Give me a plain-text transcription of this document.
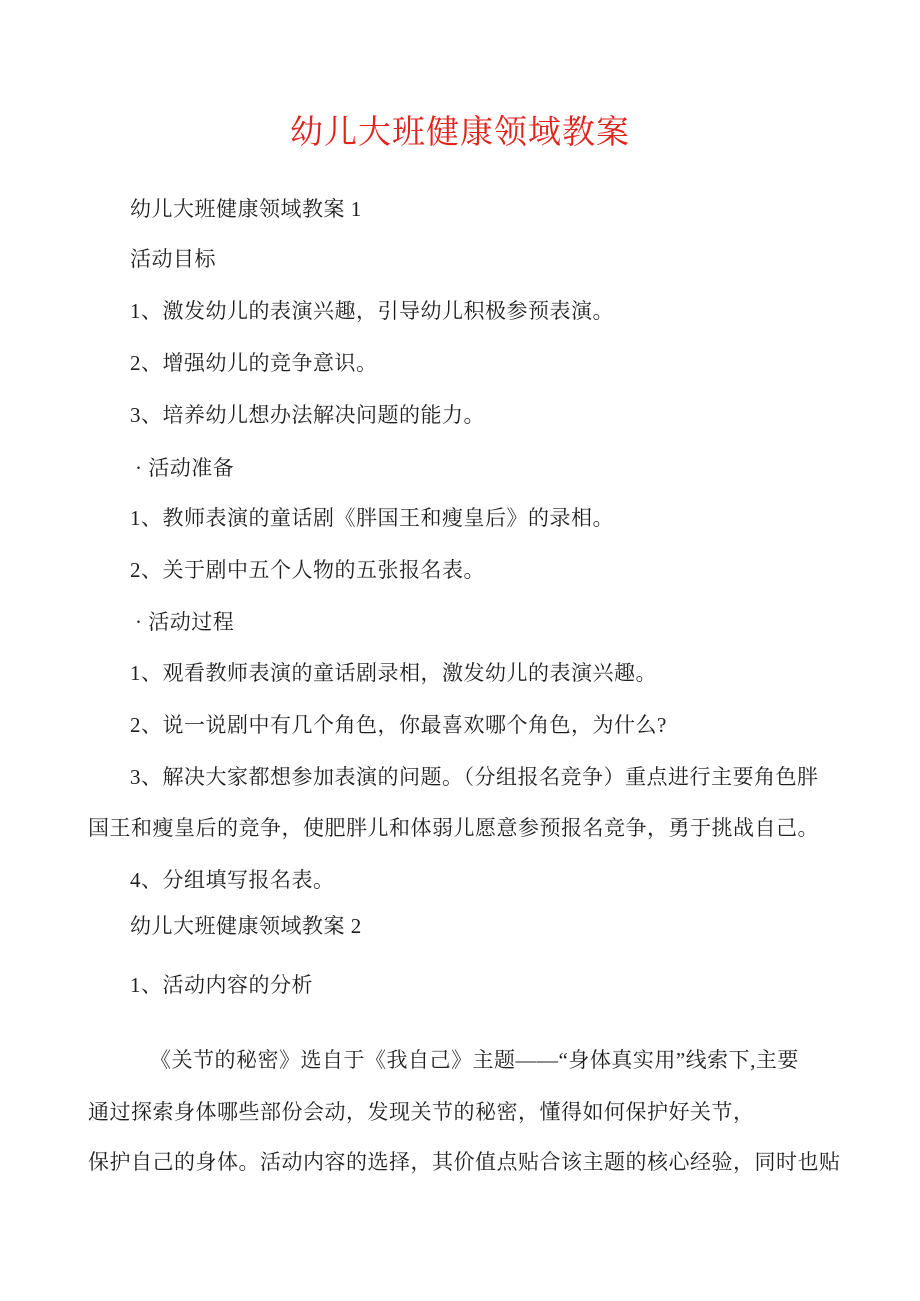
幼儿大班健康领域教案
幼儿大班健康领域教案 1
活动目标
1、激发幼儿的表演兴趣，引导幼儿积极参预表演。
2、增强幼儿的竞争意识。
3、培养幼儿想办法解决问题的能力。
· 活动准备
1、教师表演的童话剧《胖国王和瘦皇后》的录相。
2、关于剧中五个人物的五张报名表。
· 活动过程
1、观看教师表演的童话剧录相，激发幼儿的表演兴趣。
2、说一说剧中有几个角色，你最喜欢哪个角色，为什么?
3、解决大家都想参加表演的问题。（分组报名竞争）重点进行主要角色胖
国王和瘦皇后的竞争，使肥胖儿和体弱儿愿意参预报名竞争，勇于挑战自己。
4、分组填写报名表。
幼儿大班健康领域教案 2
1、活动内容的分析
《关节的秘密》选自于《我自己》主题——“身体真实用”线索下,主要
通过探索身体哪些部份会动，发现关节的秘密，懂得如何保护好关节，
保护自己的身体。活动内容的选择，其价值点贴合该主题的核心经验，同时也贴
